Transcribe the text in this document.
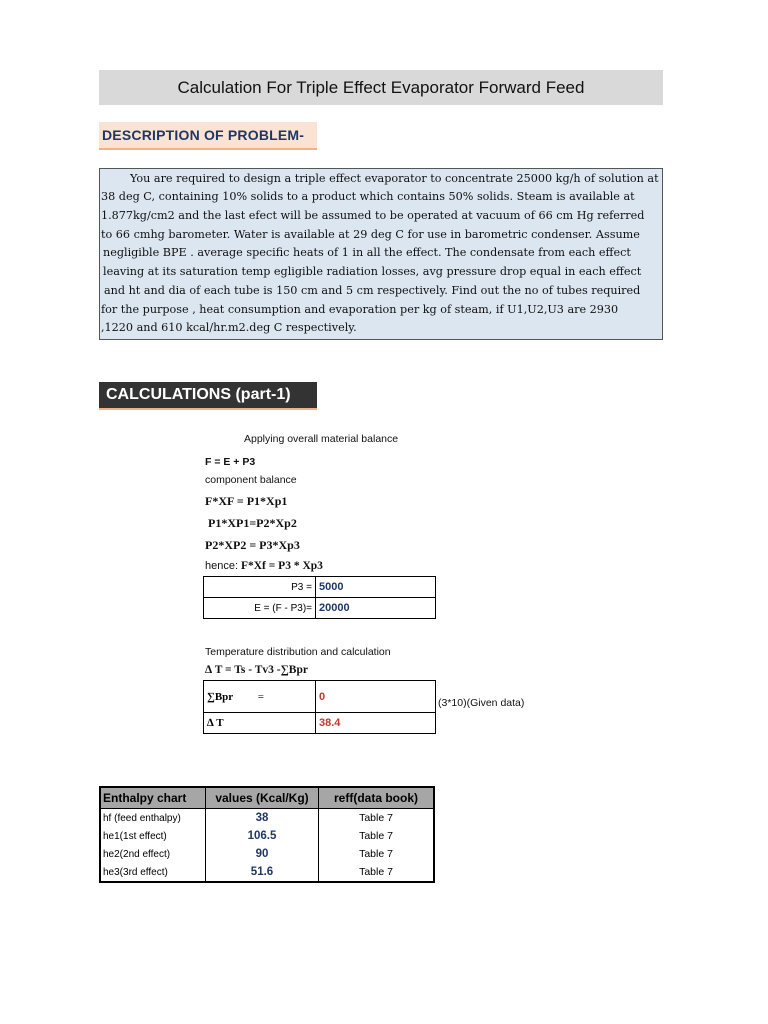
Calculation For Triple Effect Evaporator Forward Feed
DESCRIPTION OF PROBLEM-
You are required to design a triple effect evaporator to concentrate 25000 kg/h of solution at
38 deg C, containing 10% solids to a product which contains 50% solids. Steam is available at
1.877kg/cm2 and the last efect will be assumed to be operated at vacuum of 66 cm Hg referred
to 66 cmhg barometer. Water is available at 29 deg C for use in barometric condenser. Assume
negligible BPE . average specific heats of 1 in all the effect. The condensate from each effect
leaving at its saturation temp egligible radiation losses, avg pressure drop equal in each effect
and ht and dia of each tube is 150 cm and 5 cm respectively. Find out the no of tubes required
for the purpose , heat consumption and evaporation per kg of steam, if U1,U2,U3 are 2930
,1220 and 610 kcal/hr.m2.deg C respectively.
CALCULATIONS (part-1)
Applying overall material balance
F = E + P3
component balance
F*XF = P1*Xp1
P1*XP1=P2*Xp2
P2*XP2 = P3*Xp3
hence: F*Xf = P3 * Xp3
P3 =	5000
E = (F - P3)=	20000
Temperature distribution and calculation
∆ T = Ts - Tv3 -∑Bpr
∑Bpr =	0
∆ T	38.4
(3*10)(Given data)
Enthalpy chart	values (Kcal/Kg)	reff(data book)
hf (feed enthalpy)	38	Table 7
he1(1st effect)	106.5	Table 7
he2(2nd effect)	90	Table 7
he3(3rd effect)	51.6	Table 7
